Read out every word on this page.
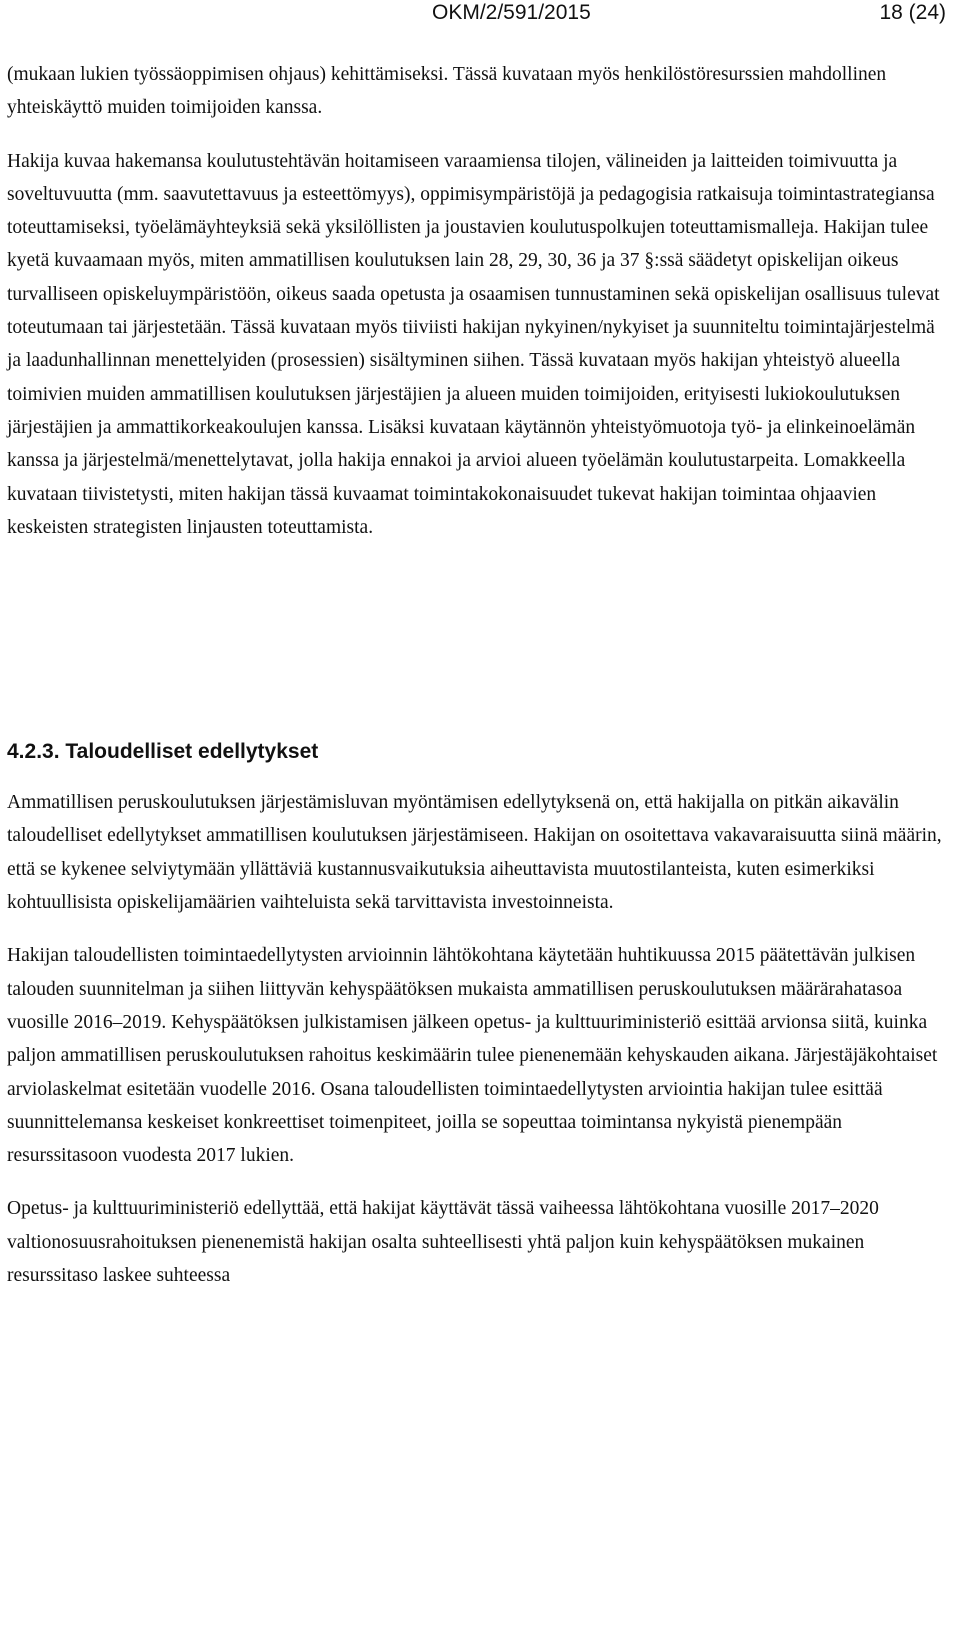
OKM/2/591/2015	18 (24)

(mukaan lukien työssäoppimisen ohjaus) kehittämiseksi. Tässä kuvataan myös henkilöstöresurssien mahdollinen yhteiskäyttö muiden toimijoiden kanssa.

Hakija kuvaa hakemansa koulutustehtävän hoitamiseen varaamiensa tilojen, välineiden ja laitteiden toimivuutta ja soveltuvuutta (mm. saavutettavuus ja esteettömyys), oppimisympäristöjä ja pedagogisia ratkaisuja toimintastrategiansa toteuttamiseksi, työelämäyhteyksiä sekä yksilöllisten ja joustavien koulutuspolkujen toteuttamismalleja. Hakijan tulee kyetä kuvaamaan myös, miten ammatillisen koulutuksen lain 28, 29, 30, 36 ja 37 §:ssä säädetyt opiskelijan oikeus turvalliseen opiskeluympäristöön, oikeus saada opetusta ja osaamisen tunnustaminen sekä opiskelijan osallisuus tulevat toteutumaan tai järjestetään. Tässä kuvataan myös tiiviisti hakijan nykyinen/nykyiset ja suunniteltu toimintajärjestelmä ja laadunhallinnan menettelyiden (prosessien) sisältyminen siihen. Tässä kuvataan myös hakijan yhteistyö alueella toimivien muiden ammatillisen koulutuksen järjestäjien ja alueen muiden toimijoiden, erityisesti lukiokoulutuksen järjestäjien ja ammattikorkeakoulujen kanssa. Lisäksi kuvataan käytännön yhteistyömuotoja työ- ja elinkeinoelämän kanssa ja järjestelmä/menettelytavat, jolla hakija ennakoi ja arvioi alueen työelämän koulutustarpeita. Lomakkeella kuvataan tiivistetysti, miten hakijan tässä kuvaamat toimintakokonaisuudet tukevat hakijan toimintaa ohjaavien keskeisten strategisten linjausten toteuttamista.

4.2.3. Taloudelliset edellytykset

Ammatillisen peruskoulutuksen järjestämisluvan myöntämisen edellytyksenä on, että hakijalla on pitkän aikavälin taloudelliset edellytykset ammatillisen koulutuksen järjestämiseen. Hakijan on osoitettava vakavaraisuutta siinä määrin, että se kykenee selviytymään yllättäviä kustannusvaikutuksia aiheuttavista muutostilanteista, kuten esimerkiksi kohtuullisista opiskelijamäärien vaihteluista sekä tarvittavista investoinneista.

Hakijan taloudellisten toimintaedellytysten arvioinnin lähtökohtana käytetään huhtikuussa 2015 päätettävän julkisen talouden suunnitelman ja siihen liittyvän kehyspäätöksen mukaista ammatillisen peruskoulutuksen määrärahatasoa vuosille 2016–2019. Kehyspäätöksen julkistamisen jälkeen opetus- ja kulttuuriministeriö esittää arvionsa siitä, kuinka paljon ammatillisen peruskoulutuksen rahoitus keskimäärin tulee pienenemään kehyskauden aikana. Järjestäjäkohtaiset arviolaskelmat esitetään vuodelle 2016. Osana taloudellisten toimintaedellytysten arviointia hakijan tulee esittää suunnittelemansa keskeiset konkreettiset toimenpiteet, joilla se sopeuttaa toimintansa nykyistä pienempään resurssitasoon vuodesta 2017 lukien.

Opetus- ja kulttuuriministeriö edellyttää, että hakijat käyttävät tässä vaiheessa lähtökohtana vuosille 2017–2020 valtionosuusrahoituksen pienenemistä hakijan osalta suhteellisesti yhtä paljon kuin kehyspäätöksen mukainen resurssitaso laskee suhteessa
